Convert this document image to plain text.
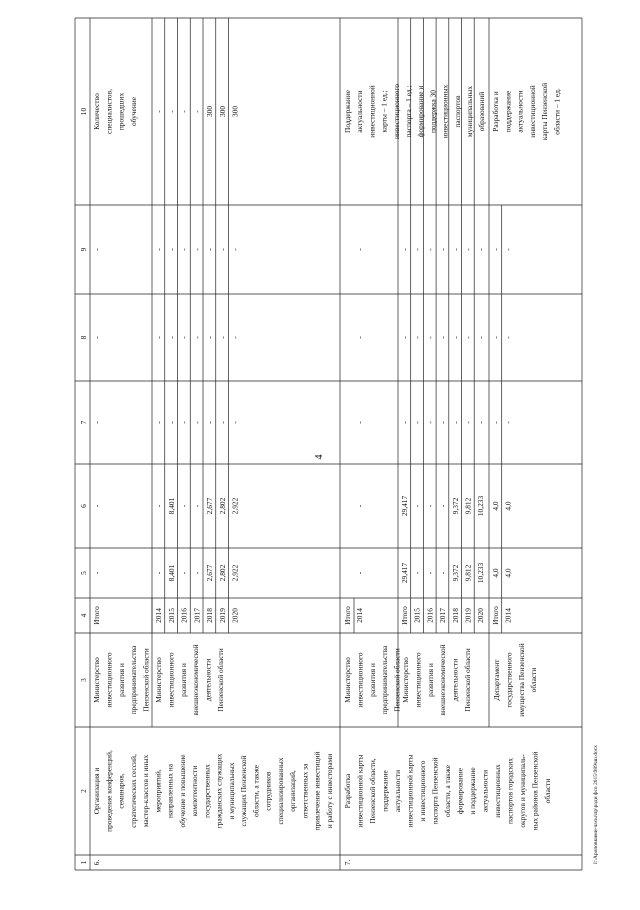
1
2
3
4
5
6
7
8
9
10
6.
Организация и проведение конференций, семинаров, стратегических сессий, мастер-классов и иных мероприятий, направленных на обучение и повышение компетентности государственных гражданских служащих и муниципальных служащих Пензенской области, а также сотрудников специализированных организаций, ответственных за привлечение инвестиций и работу с инвесторами
Министерство инвестиционного развития и предпринимательства Пензенской области Министерство инвестиционного развития и внешнеэкономической деятельности Пензенской области
Итого
-
-
-
-
-
Количество специалистов, прошедших обучение
2014
-
-
-
-
-
-
2015
8,401
8,401
-
-
-
-
2016
-
-
-
-
-
-
2017
-
-
-
-
-
-
2018
2,677
2,677
-
-
-
300
2019
2,802
2,802
-
-
-
300
2020
2,922
2,922
-
-
-
300
7.
Разработка инвестиционной карты Пензенской области, поддержание актуальности инвестиционной карты и инвестиционного паспорта Пензенской области, а также формирование и поддержание актуальности инвестиционных паспортов городских округов и муниципаль- ных районов Пензенской области
Министерство инвестиционного развития и предпринимательства Пензенской области Министерство инвестиционного развития и внешнеэкономической деятельности Пензенской области	Департамент государственного имущества Пензенской области
Итого 2014
-
-
-
-
-
Поддержание актуальности инвестиционной карты – 1 ед.; инвестиционного паспорта – 1 ед.; формирование и поддержка 30 инвестиционных паспортов муниципальных образований
Итого
29,417
29,417
-
-
-
2015
-
-
-
-
-
2016
-
-
-
-
-
2017
-
-
-
-
-
2018
9,372
9,372
-
-
-
2019
9,812
9,812
-
-
-
2020
10,233
10,233
-
-
-
Итого
4,0
4,0
-
-
-
Разработка и поддержание актуальности инвестиционной карты Пензенской области – 1 ед.
2014
4,0
4,0
-
-
-
4
I:\Ароповкими-часы\пр\ради фсо 2015\989чш.docx
